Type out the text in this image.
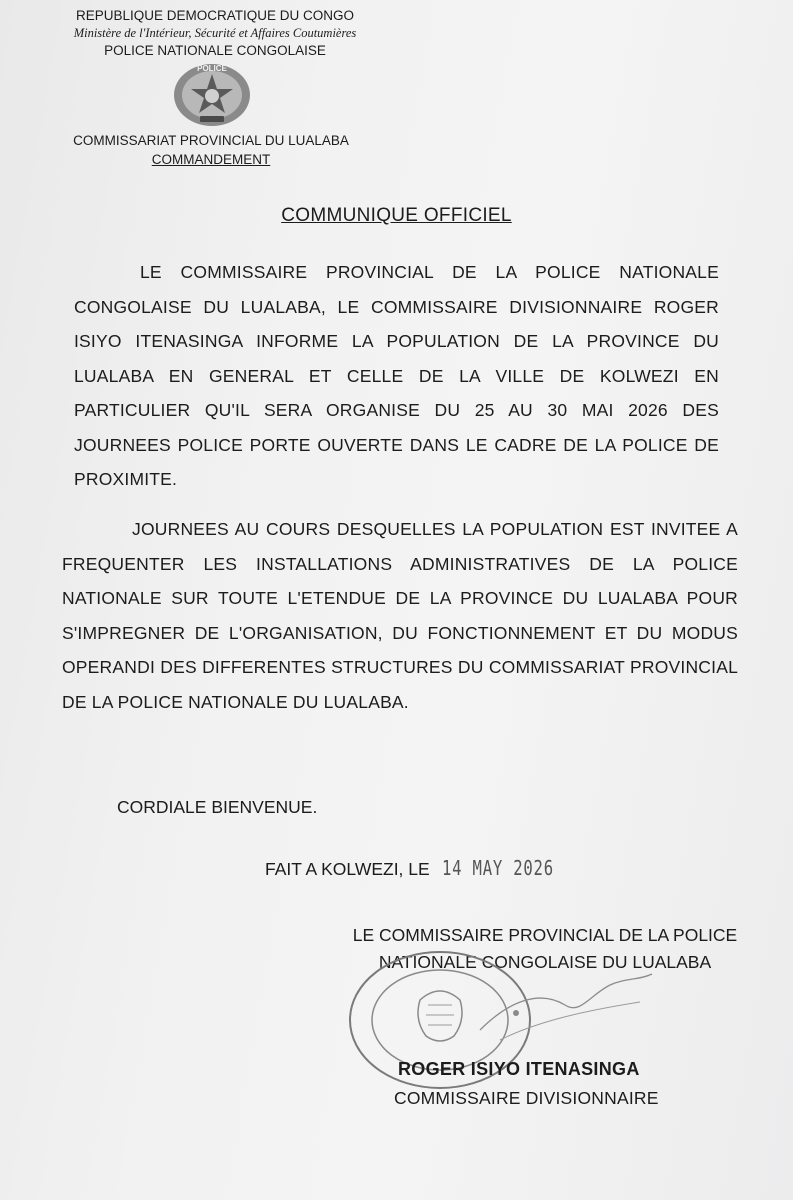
REPUBLIQUE DEMOCRATIQUE DU CONGO
Ministère de l'Intérieur, Sécurité et Affaires Coutumières
POLICE NATIONALE CONGOLAISE
POLICE
COMMISSARIAT PROVINCIAL DU LUALABA
COMMANDEMENT
COMMUNIQUE OFFICIEL
LE COMMISSAIRE PROVINCIAL DE LA POLICE NATIONALE CONGOLAISE DU LUALABA, LE COMMISSAIRE DIVISIONNAIRE ROGER ISIYO ITENASINGA INFORME LA POPULATION DE LA PROVINCE DU LUALABA EN GENERAL ET CELLE DE LA VILLE DE KOLWEZI EN PARTICULIER QU'IL SERA ORGANISE DU 25 AU 30 MAI 2026 DES JOURNEES POLICE PORTE OUVERTE DANS LE CADRE DE LA POLICE DE PROXIMITE.
JOURNEES AU COURS DESQUELLES LA POPULATION EST INVITEE A FREQUENTER LES INSTALLATIONS ADMINISTRATIVES DE LA POLICE NATIONALE SUR TOUTE L'ETENDUE DE LA PROVINCE DU LUALABA POUR S'IMPREGNER DE L'ORGANISATION, DU FONCTIONNEMENT ET DU MODUS OPERANDI DES DIFFERENTES STRUCTURES DU COMMISSARIAT PROVINCIAL DE LA POLICE NATIONALE DU LUALABA.
CORDIALE BIENVENUE.
FAIT A KOLWEZI, LE 14 MAY 2026
LE COMMISSAIRE PROVINCIAL DE LA POLICE
NATIONALE CONGOLAISE DU LUALABA
ROGER ISIYO ITENASINGA
COMMISSAIRE DIVISIONNAIRE
